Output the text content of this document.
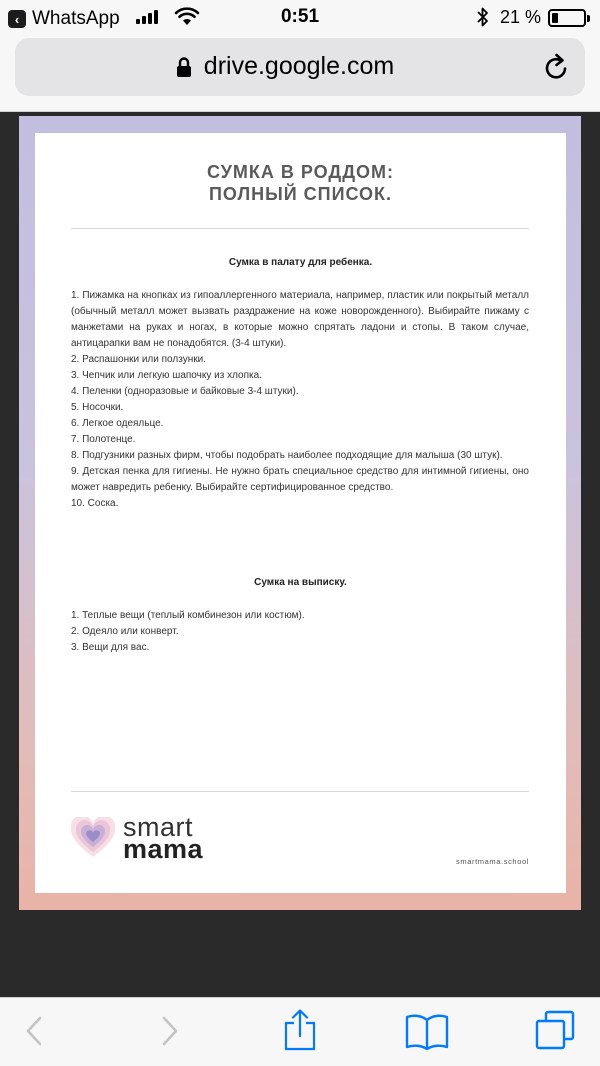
‹ WhatsApp	0:51	21 %
drive.google.com
СУМКА В РОДДОМ:
ПОЛНЫЙ СПИСОК.
Сумка в палату для ребенка.

1. Пижамка на кнопках из гипоаллергенного материала, например, пластик или покрытый металл (обычный металл может вызвать раздражение на коже новорожденного). Выбирайте пижаму с манжетами на руках и ногах, в которые можно спрятать ладони и стопы. В таком случае, антицарапки вам не понадобятся. (3-4 штуки).

2. Распашонки или ползунки.

3. Чепчик или легкую шапочку из хлопка.

4. Пеленки (одноразовые и байковые 3-4 штуки).

5. Носочки.

6. Легкое одеяльце.

7. Полотенце.

8. Подгузники разных фирм, чтобы подобрать наиболее подходящие для малыша (30 штук).

9. Детская пенка для гигиены. Не нужно брать специальное средство для интимной гигиены, оно может навредить ребенку. Выбирайте сертифицированное средство.

10. Соска.

Сумка на выписку.

1. Теплые вещи (теплый комбинезон или костюм).

2. Одеяло или конверт.

3. Вещи для вас.

smart
mama	smartmama.school
